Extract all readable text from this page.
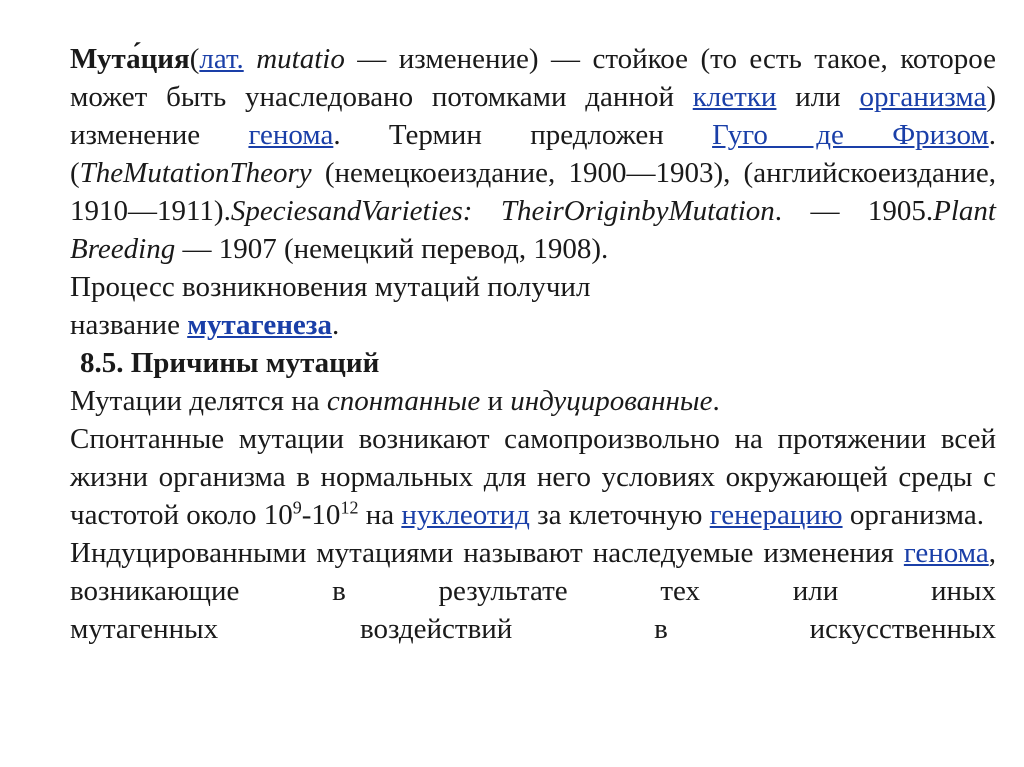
Мута́ция(лат. mutatio — изменение) — стойкое (то есть такое, которое может быть унаследовано потомками данной клетки или организма) изменение генома. Термин предложен Гуго де Фризом. (TheMutationTheory (немецкоеиздание, 1900—1903), (английскоеиздание, 1910—1911).SpeciesandVarieties: TheirOriginbyMutation. — 1905.Plant Breeding — 1907 (немецкий перевод, 1908).

Процесс возникновения мутаций получил
название мутагенеза.

8.5. Причины мутаций

Мутации делятся на спонтанные и индуцированные.

Спонтанные мутации возникают самопроизвольно на протяжении всей жизни организма в нормальных для него условиях окружающей среды с частотой около $10^9-10^{12}$ на нуклеотид за клеточную генерацию организма.

Индуцированными мутациями называют наследуемые изменения генома, возникающие в результате тех или иных

мутагенных воздействий в искусственных
